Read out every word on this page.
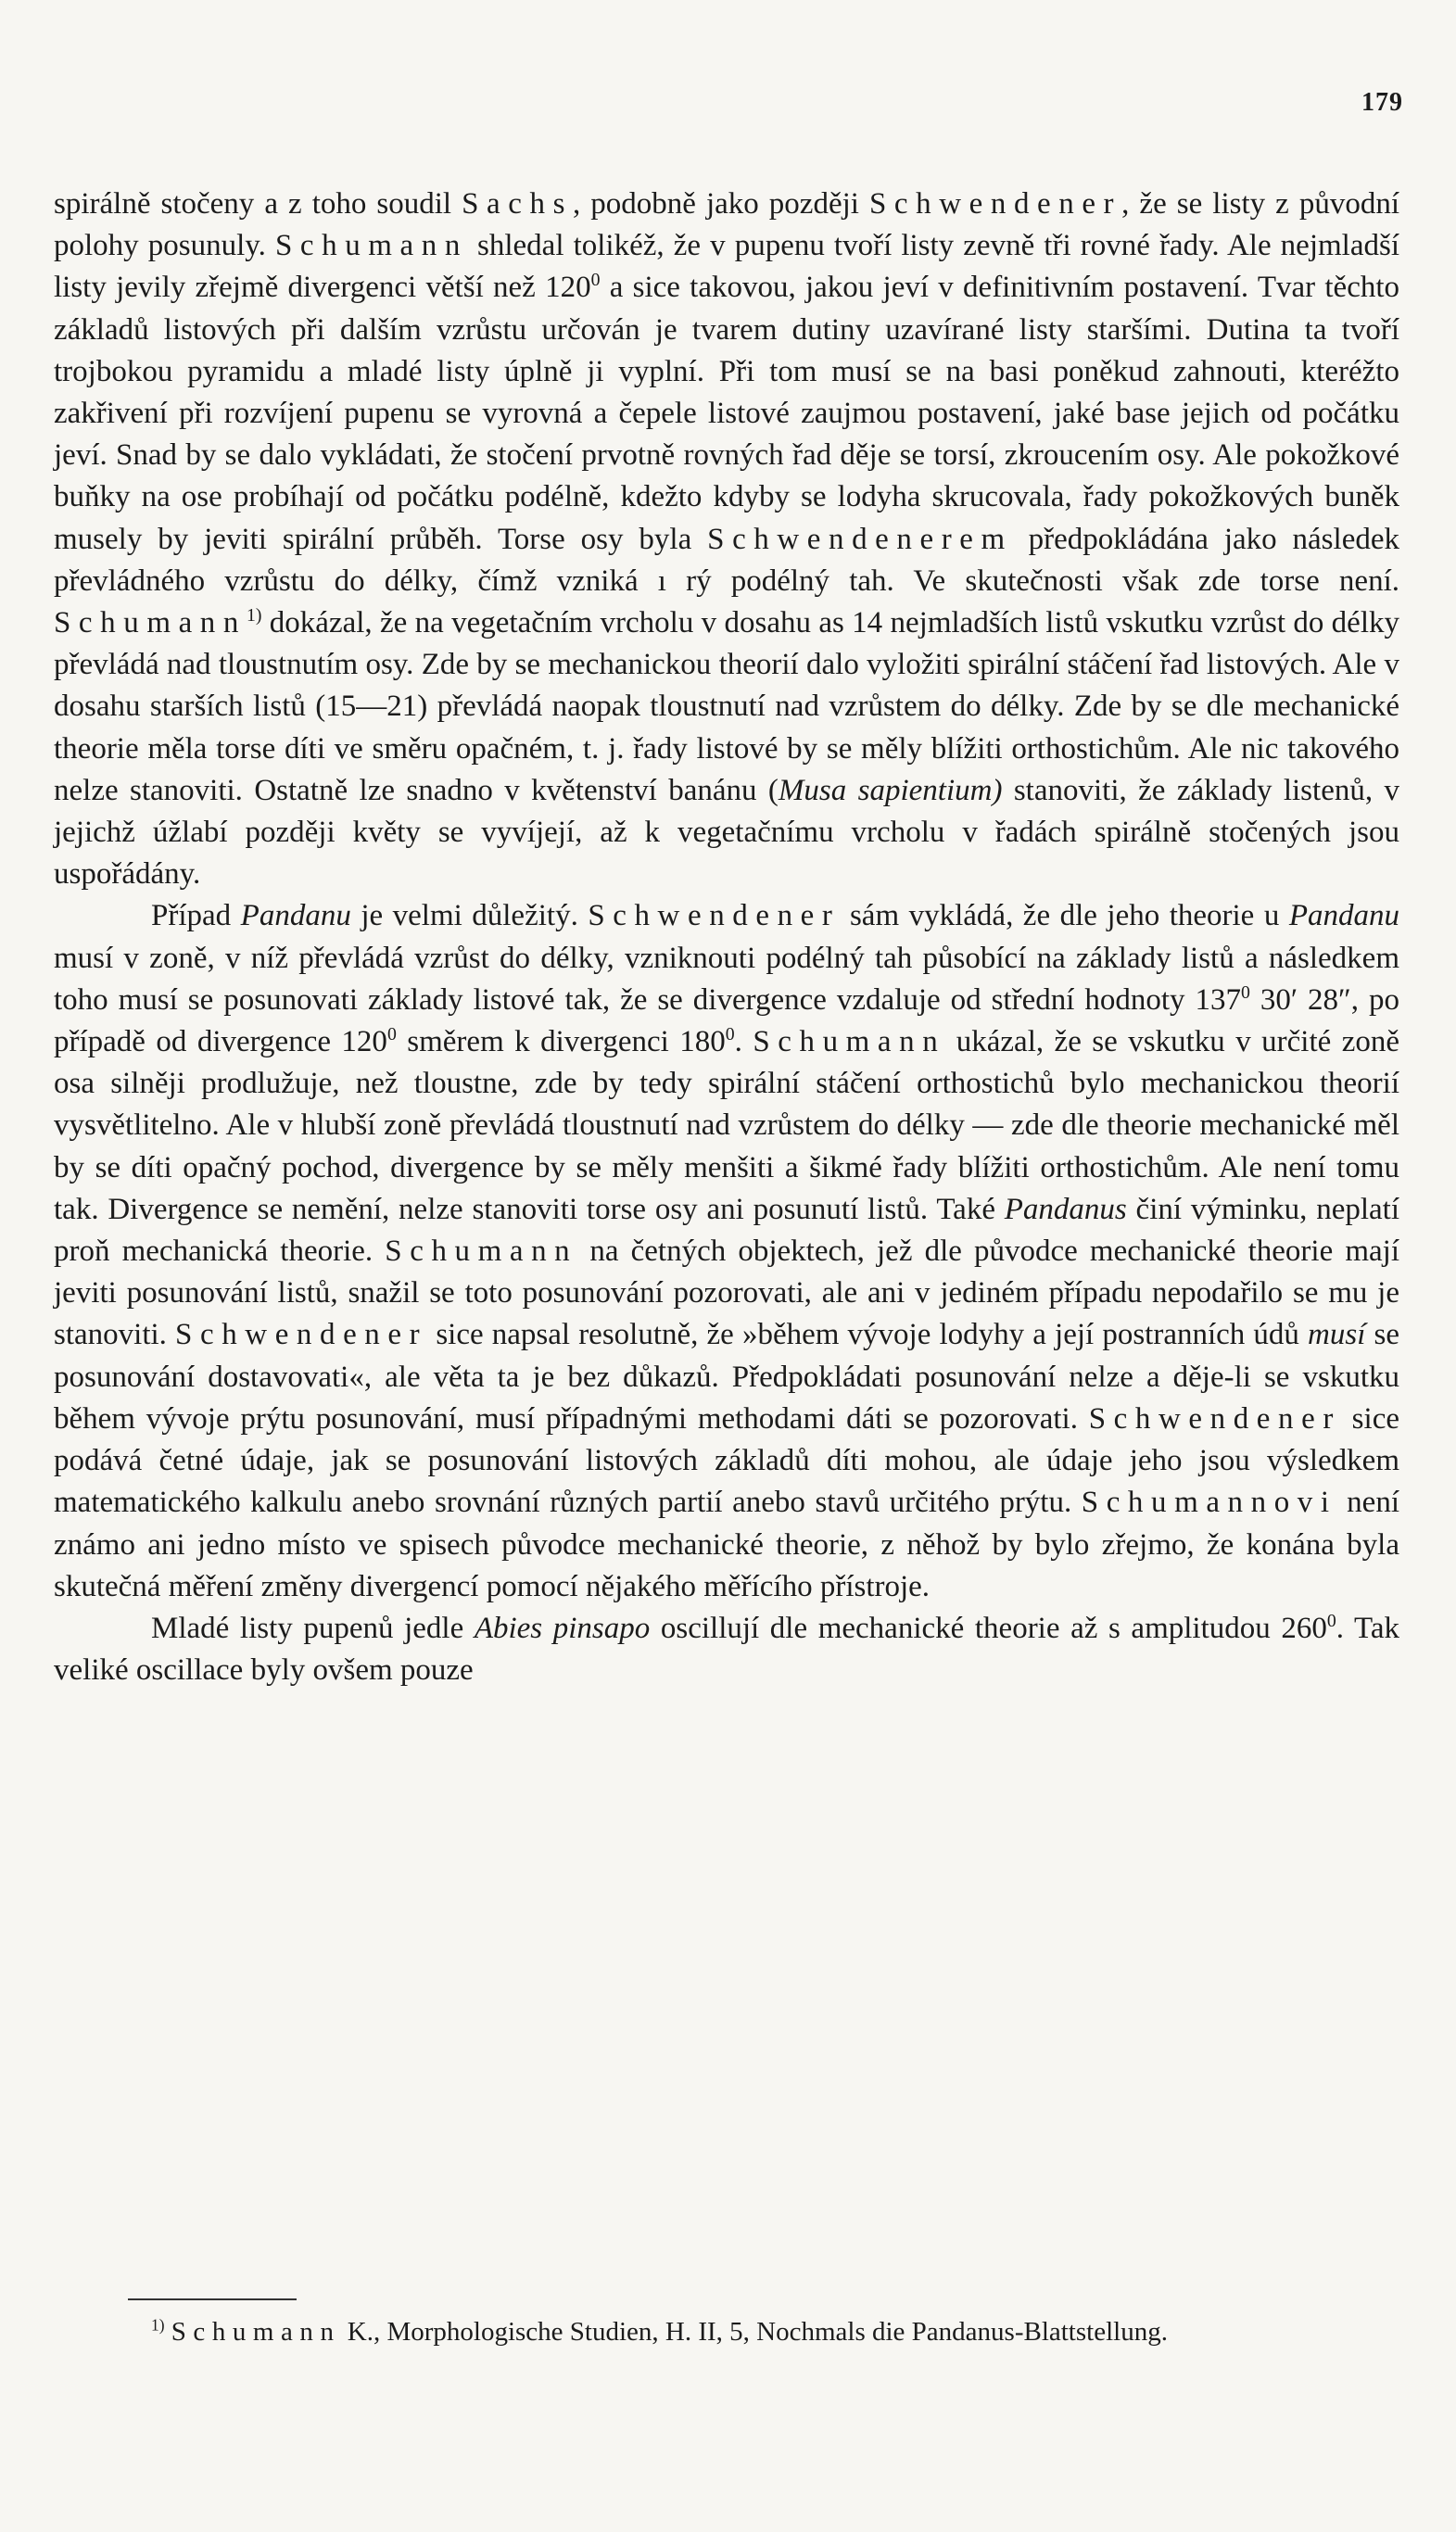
179

spirálně stočeny a z toho soudil Sachs, podobně jako později Schwendener, že se listy z původní polohy posunuly. Schumann shledal tolikéž, že v pupenu tvoří listy zevně tři rovné řady. Ale nejmladší listy jevily zřejmě divergenci větší než $120^0$ a sice takovou, jakou jeví v definitivním postavení. Tvar těchto základů listových při dalším vzrůstu určován je tvarem dutiny uzavírané listy staršími. Dutina ta tvoří trojbokou pyramidu a mladé listy úplně ji vyplní. Při tom musí se na basi poněkud zahnouti, kteréžto zakřivení při rozvíjení pupenu se vyrovná a čepele listové zaujmou postavení, jaké base jejich od počátku jeví. Snad by se dalo vykládati, že stočení prvotně rovných řad děje se torsí, zkroucením osy. Ale pokožkové buňky na ose probíhají od počátku podélně, kdežto kdyby se lodyha skrucovala, řady pokožkových buněk musely by jeviti spirální průběh. Torse osy byla Schwendenerem předpokládána jako následek převládného vzrůstu do délky, čímž vzniká ı rý podélný tah. Ve skutečnosti však zde torse není. Schumann$^{1)}$ dokázal, že na vegetačním vrcholu v dosahu as 14 nejmladších listů vskutku vzrůst do délky převládá nad tloustnutím osy. Zde by se mechanickou theorií dalo vyložiti spirální stáčení řad listových. Ale v dosahu starších listů (15—21) převládá naopak tloustnutí nad vzrůstem do délky. Zde by se dle mechanické theorie měla torse díti ve směru opačném, t. j. řady listové by se měly blížiti orthostichům. Ale nic takového nelze stanoviti. Ostatně lze snadno v květenství banánu (Musa sapientium) stanoviti, že základy listenů, v jejichž úžlabí později květy se vyvíjejí, až k vegetačnímu vrcholu v řadách spirálně stočených jsou uspořádány.

Případ Pandanu je velmi důležitý. Schwendener sám vykládá, že dle jeho theorie u Pandanu musí v zoně, v níž převládá vzrůst do délky, vzniknouti podélný tah působící na základy listů a následkem toho musí se posunovati základy listové tak, že se divergence vzdaluje od střední hodnoty $137^0$ 30′ 28″, po případě od divergence $120^0$ směrem k divergenci $180^0$. Schumann ukázal, že se vskutku v určité zoně osa silněji prodlužuje, než tloustne, zde by tedy spirální stáčení orthostichů bylo mechanickou theorií vysvětlitelno. Ale v hlubší zoně převládá tloustnutí nad vzrůstem do délky — zde dle theorie mechanické měl by se díti opačný pochod, divergence by se měly menšiti a šikmé řady blížiti orthostichům. Ale není tomu tak. Divergence se nemění, nelze stanoviti torse osy ani posunutí listů. Také Pandanus činí výminku, neplatí proň mechanická theorie. Schumann na četných objektech, jež dle původce mechanické theorie mají jeviti posunování listů, snažil se toto posunování pozorovati, ale ani v jediném případu nepodařilo se mu je stanoviti. Schwendener sice napsal resolutně, že »během vývoje lodyhy a její postranních údů musí se posunování dostavovati«, ale věta ta je bez důkazů. Předpokládati posunování nelze a děje-li se vskutku během vývoje prýtu posunování, musí případnými methodami dáti se pozorovati. Schwendener sice podává četné údaje, jak se posunování listových základů díti mohou, ale údaje jeho jsou výsledkem matematického kalkulu anebo srovnání různých partií anebo stavů určitého prýtu. Schumannovi není známo ani jedno místo ve spisech původce mechanické theorie, z něhož by bylo zřejmo, že konána byla skutečná měření změny divergencí pomocí nějakého měřícího přístroje.

Mladé listy pupenů jedle Abies pinsapo oscillují dle mechanické theorie až s amplitudou $260^0$. Tak veliké oscillace byly ovšem pouze

$^{1)}$ Schumann K., Morphologische Studien, H. II, 5, Nochmals die Pandanus-Blattstellung.
